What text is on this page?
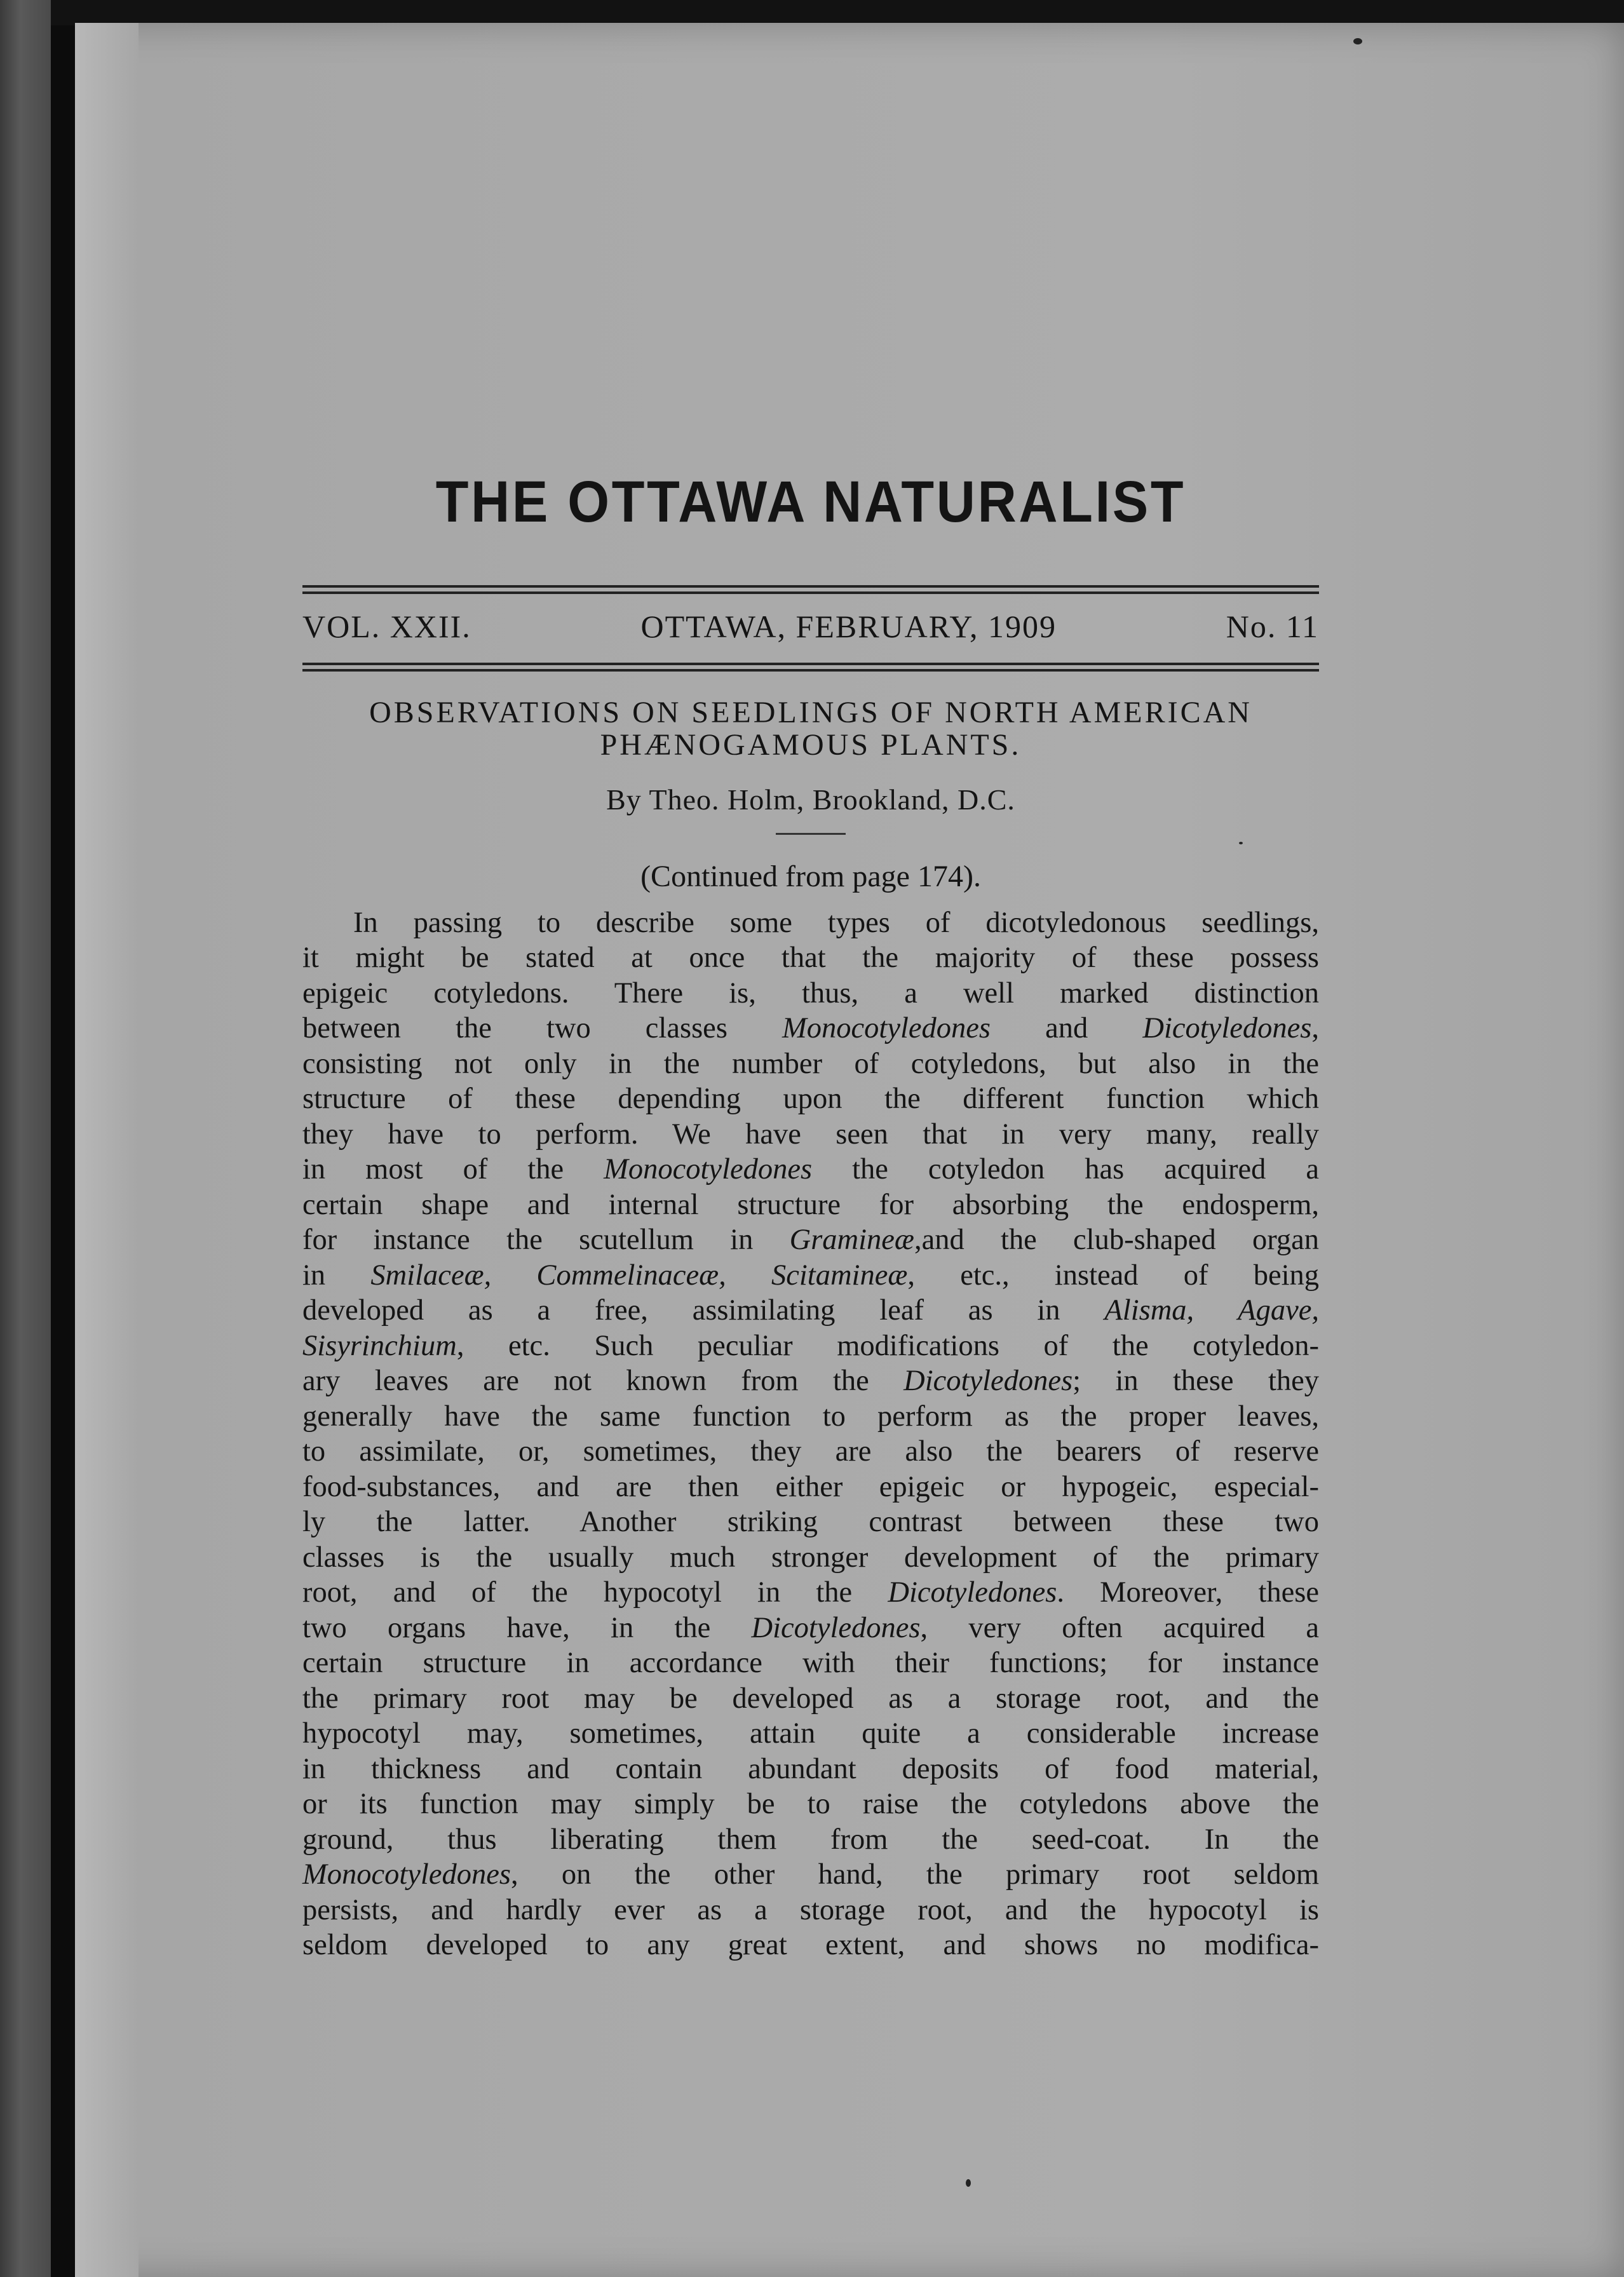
THE OTTAWA NATURALIST
VOL. XXII.	OTTAWA, FEBRUARY, 1909	No. 11
OBSERVATIONS ON SEEDLINGS OF NORTH AMERICAN
PHÆNOGAMOUS PLANTS.
By Theo. Holm, Brookland, D.C.
(Continued from page 174).
In passing to describe some types of dicotyledonous seedlings,
it might be stated at once that the majority of these possess
epigeic cotyledons. There is, thus, a well marked distinction
between the two classes Monocotyledones and Dicotyledones,
consisting not only in the number of cotyledons, but also in the
structure of these depending upon the different function which
they have to perform. We have seen that in very many, really
in most of the Monocotyledones the cotyledon has acquired a
certain shape and internal structure for absorbing the endosperm,
for instance the scutellum in Gramineæ,and the club-shaped organ
in Smilaceæ, Commelinaceæ, Scitamineæ, etc., instead of being
developed as a free, assimilating leaf as in Alisma, Agave,
Sisyrinchium, etc. Such peculiar modifications of the cotyledon-
ary leaves are not known from the Dicotyledones; in these they
generally have the same function to perform as the proper leaves,
to assimilate, or, sometimes, they are also the bearers of reserve
food-substances, and are then either epigeic or hypogeic, especial-
ly the latter. Another striking contrast between these two
classes is the usually much stronger development of the primary
root, and of the hypocotyl in the Dicotyledones. Moreover, these
two organs have, in the Dicotyledones, very often acquired a
certain structure in accordance with their functions; for instance
the primary root may be developed as a storage root, and the
hypocotyl may, sometimes, attain quite a considerable increase
in thickness and contain abundant deposits of food material,
or its function may simply be to raise the cotyledons above the
ground, thus liberating them from the seed-coat. In the
Monocotyledones, on the other hand, the primary root seldom
persists, and hardly ever as a storage root, and the hypocotyl is
seldom developed to any great extent, and shows no modifica-
